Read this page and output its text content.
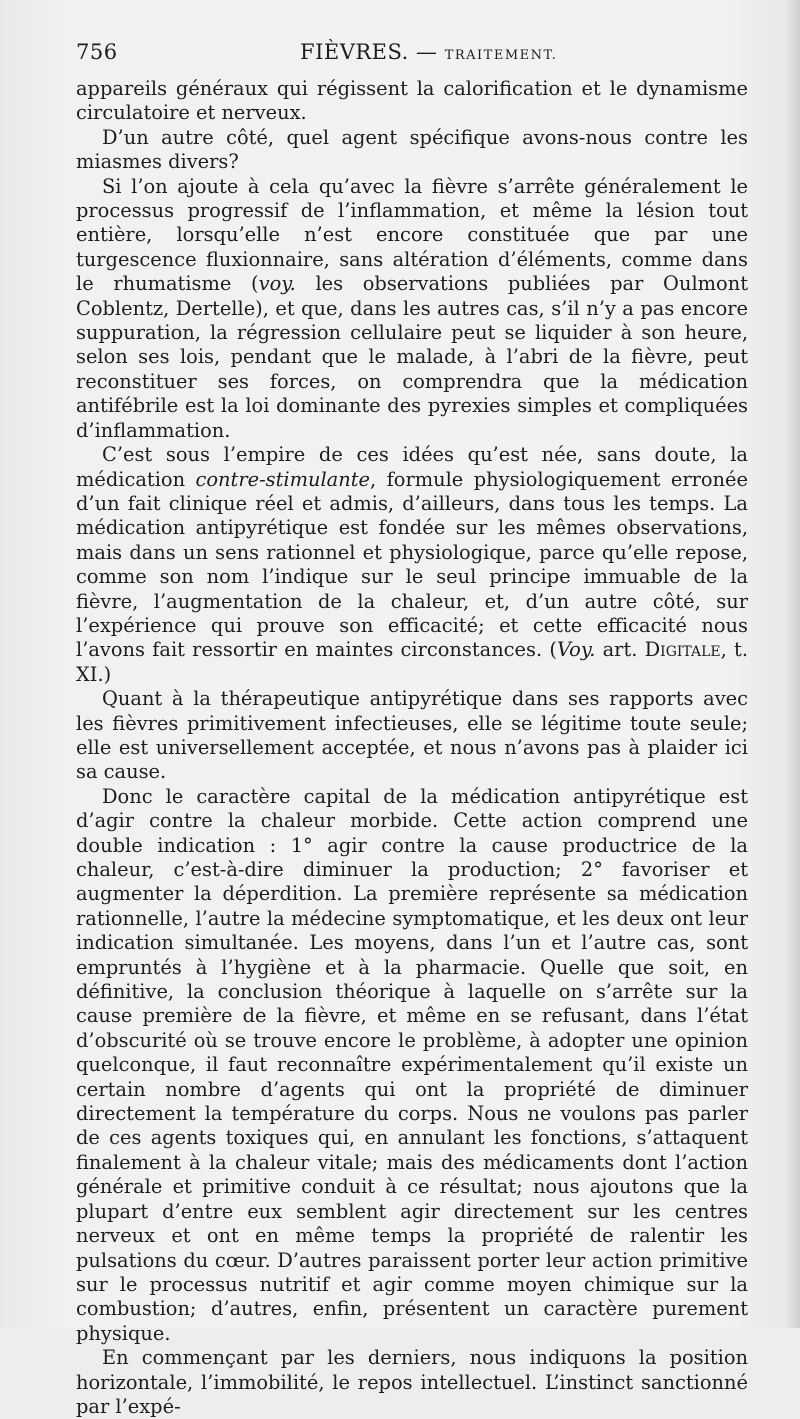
756	FIÈVRES. — TRAITEMENT.

appareils généraux qui régissent la calorification et le dynamisme circulatoire et nerveux.

D’un autre côté, quel agent spécifique avons-nous contre les miasmes divers?

Si l’on ajoute à cela qu’avec la fièvre s’arrête généralement le processus progressif de l’inflammation, et même la lésion tout entière, lorsqu’elle n’est encore constituée que par une turgescence fluxionnaire, sans altération d’éléments, comme dans le rhumatisme (voy. les observations publiées par Oulmont Coblentz, Dertelle), et que, dans les autres cas, s’il n’y a pas encore suppuration, la régression cellulaire peut se liquider à son heure, selon ses lois, pendant que le malade, à l’abri de la fièvre, peut reconstituer ses forces, on comprendra que la médication antifébrile est la loi dominante des pyrexies simples et compliquées d’inflammation.

C’est sous l’empire de ces idées qu’est née, sans doute, la médication contre-stimulante, formule physiologiquement erronée d’un fait clinique réel et admis, d’ailleurs, dans tous les temps. La médication antipyrétique est fondée sur les mêmes observations, mais dans un sens rationnel et physiologique, parce qu’elle repose, comme son nom l’indique sur le seul principe immuable de la fièvre, l’augmentation de la chaleur, et, d’un autre côté, sur l’expérience qui prouve son efficacité; et cette efficacité nous l’avons fait ressortir en maintes circonstances. (Voy. art. Digitale, t. XI.)

Quant à la thérapeutique antipyrétique dans ses rapports avec les fièvres primitivement infectieuses, elle se légitime toute seule; elle est universellement acceptée, et nous n’avons pas à plaider ici sa cause.

Donc le caractère capital de la médication antipyrétique est d’agir contre la chaleur morbide. Cette action comprend une double indication : 1° agir contre la cause productrice de la chaleur, c’est-à-dire diminuer la production; 2° favoriser et augmenter la déperdition. La première représente sa médication rationnelle, l’autre la médecine symptomatique, et les deux ont leur indication simultanée. Les moyens, dans l’un et l’autre cas, sont empruntés à l’hygiène et à la pharmacie. Quelle que soit, en définitive, la conclusion théorique à laquelle on s’arrête sur la cause première de la fièvre, et même en se refusant, dans l’état d’obscurité où se trouve encore le problème, à adopter une opinion quelconque, il faut reconnaître expérimentalement qu’il existe un certain nombre d’agents qui ont la propriété de diminuer directement la température du corps. Nous ne voulons pas parler de ces agents toxiques qui, en annulant les fonctions, s’attaquent finalement à la chaleur vitale; mais des médicaments dont l’action générale et primitive conduit à ce résultat; nous ajoutons que la plupart d’entre eux semblent agir directement sur les centres nerveux et ont en même temps la propriété de ralentir les pulsations du cœur. D’autres paraissent porter leur action primitive sur le processus nutritif et agir comme moyen chimique sur la combustion; d’autres, enfin, présentent un caractère purement physique.

En commençant par les derniers, nous indiquons la position horizontale, l’immobilité, le repos intellectuel. L’instinct sanctionné par l’expé-
